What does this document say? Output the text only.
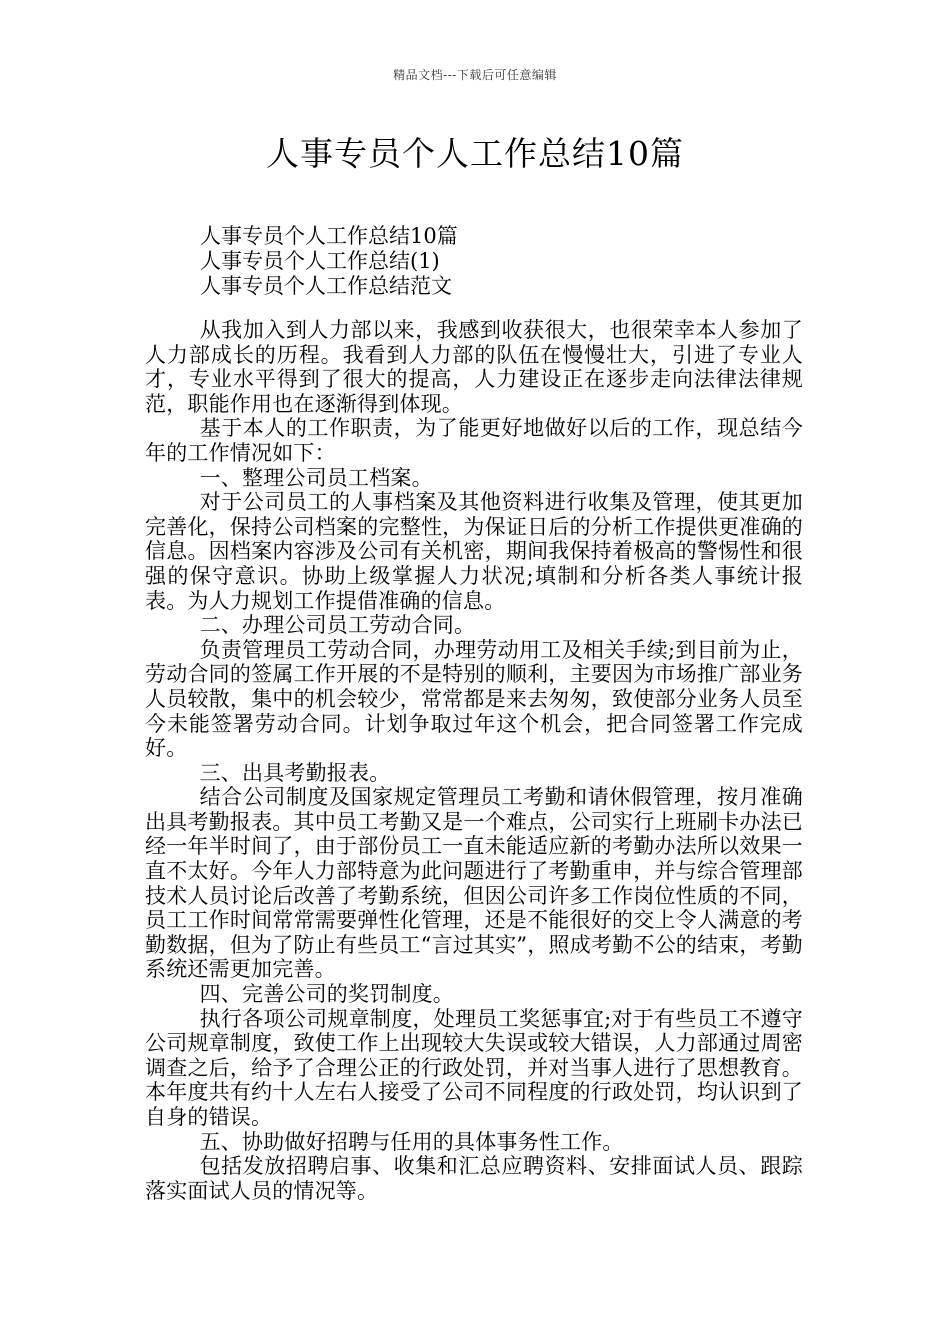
精品文档---下载后可任意编辑
人事专员个人工作总结10篇
人事专员个人工作总结10篇
人事专员个人工作总结(1)
人事专员个人工作总结范文

从我加入到人力部以来，我感到收获很大，也很荣幸本人参加了人力部成长的历程。我看到人力部的队伍在慢慢壮大，引进了专业人才，专业水平得到了很大的提高，人力建设正在逐步走向法律法律规范，职能作用也在逐渐得到体现。

基于本人的工作职责，为了能更好地做好以后的工作，现总结今年的工作情况如下：

一、整理公司员工档案。

对于公司员工的人事档案及其他资料进行收集及管理，使其更加完善化，保持公司档案的完整性，为保证日后的分析工作提供更准确的信息。因档案内容涉及公司有关机密，期间我保持着极高的警惕性和很强的保守意识。协助上级掌握人力状况;填制和分析各类人事统计报表。为人力规划工作提借准确的信息。

二、办理公司员工劳动合同。

负责管理员工劳动合同，办理劳动用工及相关手续;到目前为止，劳动合同的签属工作开展的不是特别的顺利，主要因为市场推广部业务人员较散，集中的机会较少，常常都是来去匆匆，致使部分业务人员至今未能签署劳动合同。计划争取过年这个机会，把合同签署工作完成好。

三、出具考勤报表。

结合公司制度及国家规定管理员工考勤和请休假管理，按月准确出具考勤报表。其中员工考勤又是一个难点，公司实行上班刷卡办法已经一年半时间了，由于部份员工一直未能适应新的考勤办法所以效果一直不太好。今年人力部特意为此问题进行了考勤重申，并与综合管理部技术人员讨论后改善了考勤系统，但因公司许多工作岗位性质的不同，员工工作时间常常需要弹性化管理，还是不能很好的交上令人满意的考勤数据，但为了防止有些员工“言过其实”，照成考勤不公的结束，考勤系统还需更加完善。

四、完善公司的奖罚制度。

执行各项公司规章制度，处理员工奖惩事宜;对于有些员工不遵守公司规章制度，致使工作上出现较大失误或较大错误，人力部通过周密调查之后，给予了合理公正的行政处罚，并对当事人进行了思想教育。本年度共有约十人左右人接受了公司不同程度的行政处罚，均认识到了自身的错误。

五、协助做好招聘与任用的具体事务性工作。

包括发放招聘启事、收集和汇总应聘资料、安排面试人员、跟踪落实面试人员的情况等。
